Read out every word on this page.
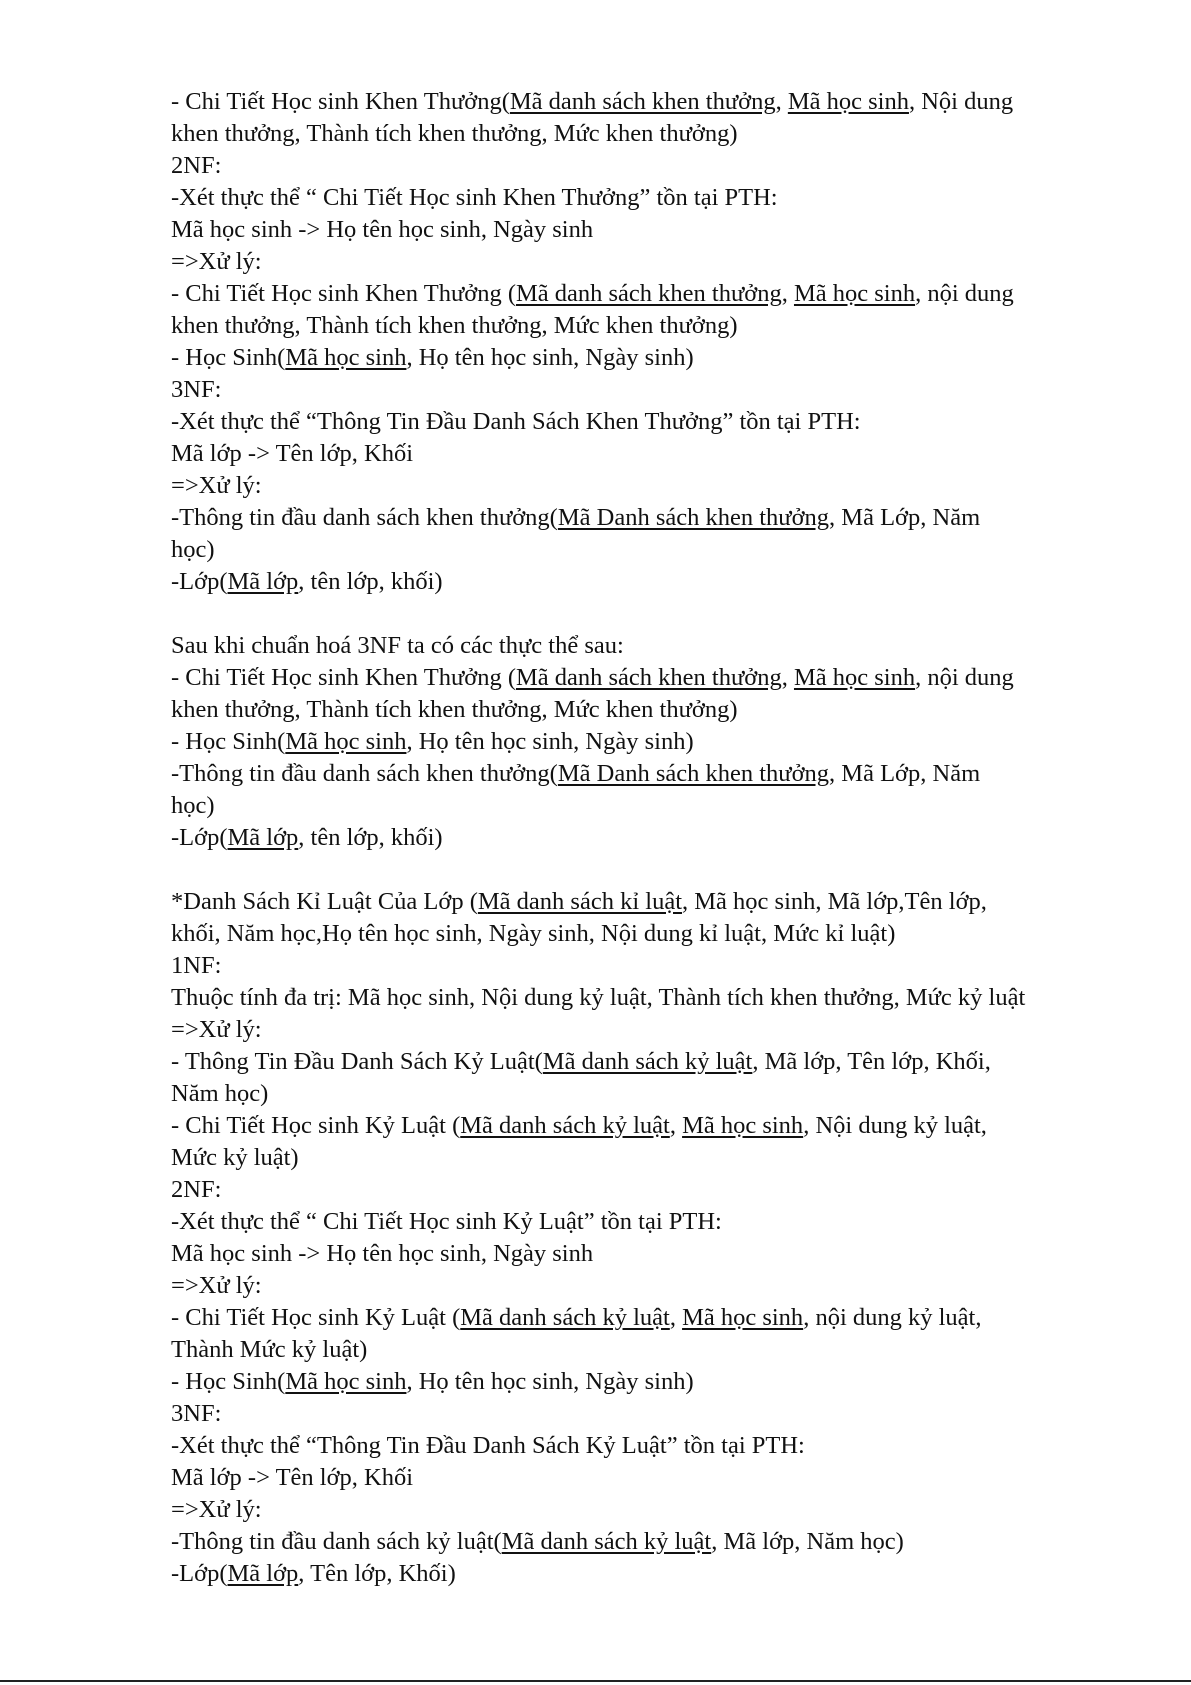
- Chi Tiết Học sinh Khen Thưởng(Mã danh sách khen thưởng, Mã học sinh, Nội dung
khen thưởng, Thành tích khen thưởng, Mức khen thưởng)
2NF:
-Xét thực thể “ Chi Tiết Học sinh Khen Thưởng” tồn tại PTH:
Mã học sinh -> Họ tên học sinh, Ngày sinh
=>Xử lý:
- Chi Tiết Học sinh Khen Thưởng (Mã danh sách khen thưởng, Mã học sinh, nội dung
khen thưởng, Thành tích khen thưởng, Mức khen thưởng)
- Học Sinh(Mã học sinh, Họ tên học sinh, Ngày sinh)
3NF:
-Xét thực thể “Thông Tin Đầu Danh Sách Khen Thưởng” tồn tại PTH:
Mã lớp -> Tên lớp, Khối
=>Xử lý:
-Thông tin đầu danh sách khen thưởng(Mã Danh sách khen thưởng, Mã Lớp, Năm
học)
-Lớp(Mã lớp, tên lớp, khối)
Sau khi chuẩn hoá 3NF ta có các thực thể sau:
- Chi Tiết Học sinh Khen Thưởng (Mã danh sách khen thưởng, Mã học sinh, nội dung
khen thưởng, Thành tích khen thưởng, Mức khen thưởng)
- Học Sinh(Mã học sinh, Họ tên học sinh, Ngày sinh)
-Thông tin đầu danh sách khen thưởng(Mã Danh sách khen thưởng, Mã Lớp, Năm
học)
-Lớp(Mã lớp, tên lớp, khối)
*Danh Sách Kỉ Luật Của Lớp (Mã danh sách kỉ luật, Mã học sinh, Mã lớp,Tên lớp,
khối, Năm học,Họ tên học sinh, Ngày sinh, Nội dung kỉ luật, Mức kỉ luật)
1NF:
Thuộc tính đa trị: Mã học sinh, Nội dung kỷ luật, Thành tích khen thưởng, Mức kỷ luật
=>Xử lý:
- Thông Tin Đầu Danh Sách Kỷ Luật(Mã danh sách kỷ luật, Mã lớp, Tên lớp, Khối,
Năm học)
- Chi Tiết Học sinh Kỷ Luật (Mã danh sách kỷ luật, Mã học sinh, Nội dung kỷ luật,
Mức kỷ luật)
2NF:
-Xét thực thể “ Chi Tiết Học sinh Kỷ Luật” tồn tại PTH:
Mã học sinh -> Họ tên học sinh, Ngày sinh
=>Xử lý:
- Chi Tiết Học sinh Kỷ Luật (Mã danh sách kỷ luật, Mã học sinh, nội dung kỷ luật,
Thành Mức kỷ luật)
- Học Sinh(Mã học sinh, Họ tên học sinh, Ngày sinh)
3NF:
-Xét thực thể “Thông Tin Đầu Danh Sách Kỷ Luật” tồn tại PTH:
Mã lớp -> Tên lớp, Khối
=>Xử lý:
-Thông tin đầu danh sách kỷ luật(Mã danh sách kỷ luật, Mã lớp, Năm học)
-Lớp(Mã lớp, Tên lớp, Khối)
